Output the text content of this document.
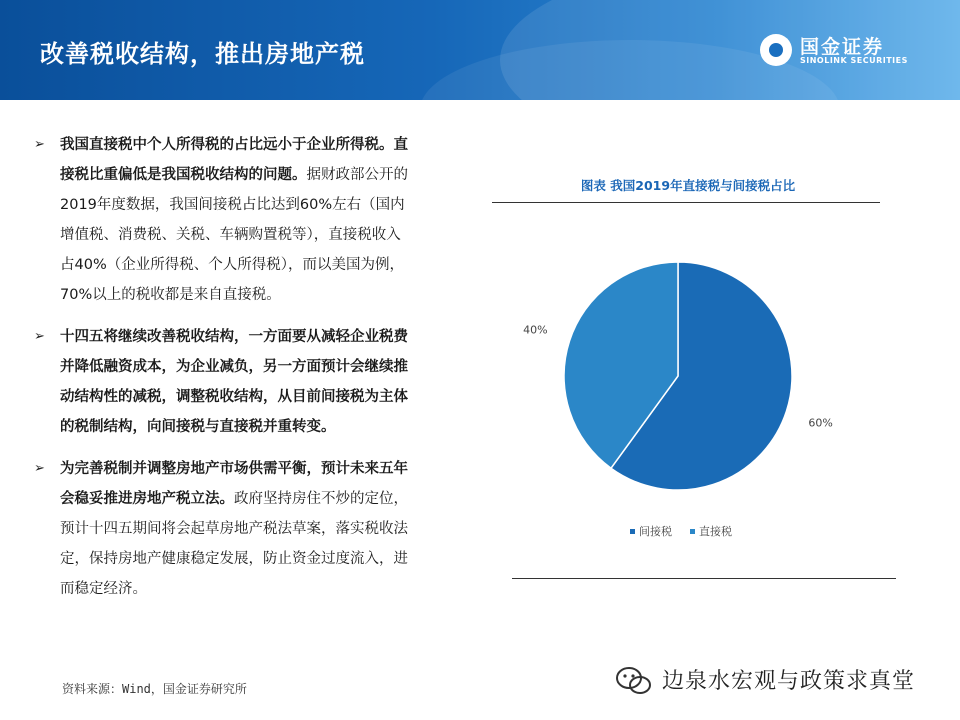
改善税收结构，推出房地产税	国金证券
SINOLINK SECURITIES
➢ 我国直接税中个人所得税的占比远小于企业所得税。直接税比重偏低是我国税收结构的问题。据财政部公开的2019年度数据，我国间接税占比达到60%左右（国内增值税、消费税、关税、车辆购置税等），直接税收入占40%（企业所得税、个人所得税），而以美国为例，70%以上的税收都是来自直接税。
➢ 十四五将继续改善税收结构，一方面要从减轻企业税费并降低融资成本，为企业减负，另一方面预计会继续推动结构性的减税，调整税收结构，从目前间接税为主体的税制结构，向间接税与直接税并重转变。
➢ 为完善税制并调整房地产市场供需平衡，预计未来五年会稳妥推进房地产税立法。政府坚持房住不炒的定位，预计十四五期间将会起草房地产税法草案，落实税收法定，保持房地产健康稳定发展，防止资金过度流入，进而稳定经济。
资料来源：Wind，国金证券研究所
图表 我国2019年直接税与间接税占比
60%
40%
间接税 直接税
边泉水宏观与政策求真堂
